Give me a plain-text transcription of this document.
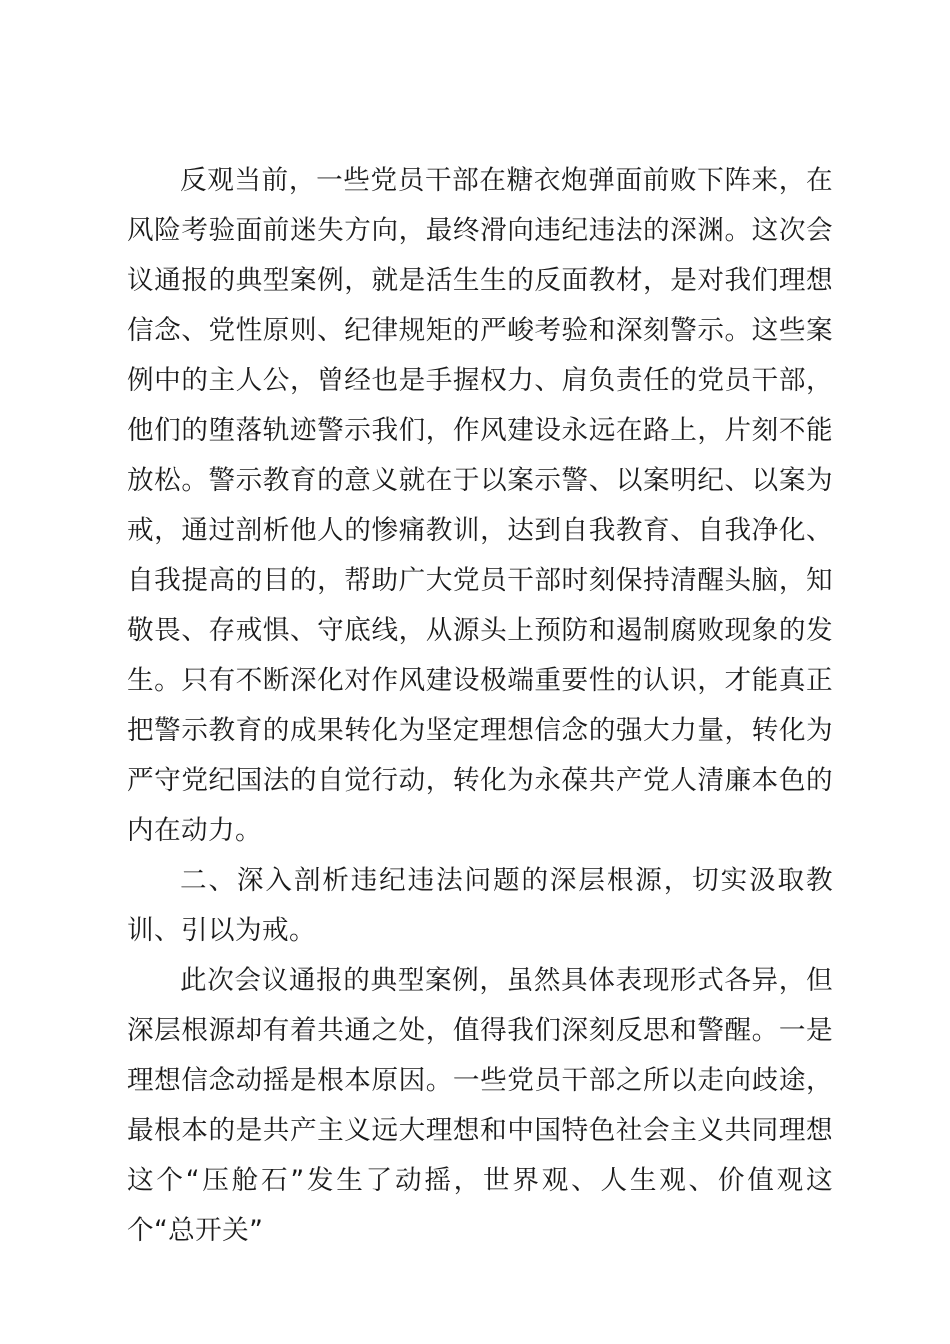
反观当前，一些党员干部在糖衣炮弹面前败下阵来，在风险考验面前迷失方向，最终滑向违纪违法的深渊。这次会议通报的典型案例，就是活生生的反面教材，是对我们理想信念、党性原则、纪律规矩的严峻考验和深刻警示。这些案例中的主人公，曾经也是手握权力、肩负责任的党员干部，他们的堕落轨迹警示我们，作风建设永远在路上，片刻不能放松。警示教育的意义就在于以案示警、以案明纪、以案为戒，通过剖析他人的惨痛教训，达到自我教育、自我净化、自我提高的目的，帮助广大党员干部时刻保持清醒头脑，知敬畏、存戒惧、守底线，从源头上预防和遏制腐败现象的发生。只有不断深化对作风建设极端重要性的认识，才能真正把警示教育的成果转化为坚定理想信念的强大力量，转化为严守党纪国法的自觉行动，转化为永葆共产党人清廉本色的内在动力。

二、深入剖析违纪违法问题的深层根源，切实汲取教训、引以为戒。

此次会议通报的典型案例，虽然具体表现形式各异，但深层根源却有着共通之处，值得我们深刻反思和警醒。一是理想信念动摇是根本原因。一些党员干部之所以走向歧途，最根本的是共产主义远大理想和中国特色社会主义共同理想这个“压舱石”发生了动摇，世界观、人生观、价值观这个“总开关”
